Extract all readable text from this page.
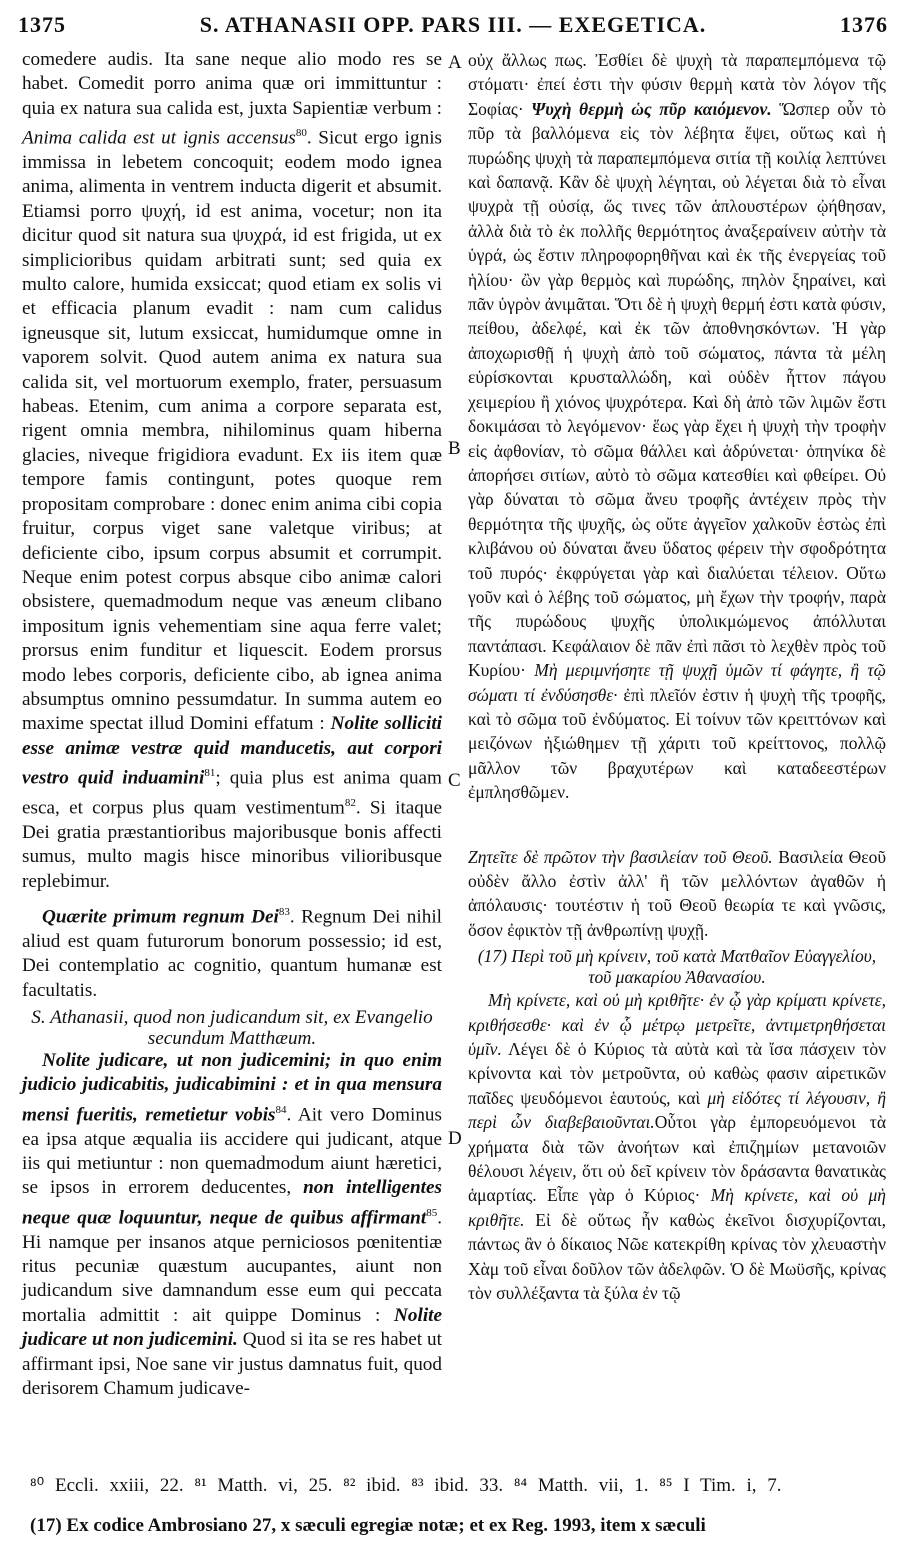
1375	S. ATHANASII OPP. PARS III. — EXEGETICA.	1376
A
B
C
D

comedere audis. Ita sane neque alio modo res se habet. Comedit porro anima quæ ori immittuntur : quia ex natura sua calida est, juxta Sapientiæ verbum : Anima calida est ut ignis accensus$^{80}$. Sicut ergo ignis immissa in lebetem concoquit; eodem modo ignea anima, alimenta in ventrem inducta digerit et absumit. Etiamsi porro ψυχή, id est anima, vocetur; non ita dicitur quod sit natura sua ψυχρά, id est frigida, ut ex simplicioribus quidam arbitrati sunt; sed quia ex multo calore, humida exsiccat; quod etiam ex solis vi et efficacia planum evadit : nam cum calidus igneusque sit, lutum exsiccat, humidumque omne in vaporem solvit. Quod autem anima ex natura sua calida sit, vel mortuorum exemplo, frater, persuasum habeas. Etenim, cum anima a corpore separata est, rigent omnia membra, nihilominus quam hiberna glacies, niveque frigidiora evadunt. Ex iis item quæ tempore famis contingunt, potes quoque rem propositam comprobare : donec enim anima cibi copia fruitur, corpus viget sane valetque viribus; at deficiente cibo, ipsum corpus absumit et corrumpit. Neque enim potest corpus absque cibo animæ calori obsistere, quemadmodum neque vas æneum clibano impositum ignis vehementiam sine aqua ferre valet; prorsus enim funditur et liquescit. Eodem prorsus modo lebes corporis, deficiente cibo, ab ignea anima absumptus omnino pessumdatur. In summa autem eo maxime spectat illud Domini effatum : Nolite solliciti esse animæ vestræ quid manducetis, aut corpori vestro quid induamini$^{81}$; quia plus est anima quam esca, et corpus plus quam vestimentum$^{82}$. Si itaque Dei gratia præstantioribus majoribusque bonis affecti sumus, multo magis hisce minoribus vilioribusque replebimur.

Quærite primum regnum Dei$^{83}$. Regnum Dei nihil aliud est quam futurorum bonorum possessio; id est, Dei contemplatio ac cognitio, quantum humanæ est facultatis.

S. Athanasii, quod non judicandum sit, ex Evangelio secundum Matthæum.

Nolite judicare, ut non judicemini; in quo enim judicio judicabitis, judicabimini : et in qua mensura mensi fueritis, remetietur vobis$^{84}$. Ait vero Dominus ea ipsa atque æqualia iis accidere qui judicant, atque iis qui metiuntur : non quemadmodum aiunt hæretici, se ipsos in errorem deducentes, non intelligentes neque quæ loquuntur, neque de quibus affirmant$^{85}$. Hi namque per insanos atque perniciosos pœnitentiæ ritus pecuniæ quæstum aucupantes, aiunt non judicandum sive damnandum esse eum qui peccata mortalia admittit : ait quippe Dominus : Nolite judicare ut non judicemini. Quod si ita se res habet ut affirmant ipsi, Noe sane vir justus damnatus fuit, quod derisorem Chamum judicave-

οὐχ ἄλλως πως. Ἐσθίει δὲ ψυχὴ τὰ παραπεμπόμενα τῷ στόματι· ἐπεί ἐστι τὴν φύσιν θερμὴ κατὰ τὸν λόγον τῆς Σοφίας· Ψυχὴ θερμὴ ὡς πῦρ καιόμενον. Ὥσπερ οὖν τὸ πῦρ τὰ βαλλόμενα εἰς τὸν λέβητα ἕψει, οὕτως καὶ ἡ πυρώδης ψυχὴ τὰ παραπεμπόμενα σιτία τῇ κοιλίᾳ λεπτύνει καὶ δαπανᾷ. Κἂν δὲ ψυχὴ λέγηται, οὐ λέγεται διὰ τὸ εἶναι ψυχρὰ τῇ οὐσίᾳ, ὥς τινες τῶν ἁπλουστέρων ᾠήθησαν, ἀλλὰ διὰ τὸ ἐκ πολλῆς θερμότητος ἀναξεραίνειν αὐτὴν τὰ ὑγρά, ὡς ἔστιν πληροφορηθῆναι καὶ ἐκ τῆς ἐνεργείας τοῦ ἡλίου· ὢν γὰρ θερμὸς καὶ πυρώδης, πηλὸν ξηραίνει, καὶ πᾶν ὑγρὸν ἀνιμᾶται. Ὅτι δὲ ἡ ψυχὴ θερμή ἐστι κατὰ φύσιν, πείθου, ἀδελφέ, καὶ ἐκ τῶν ἀποθνησκόντων. Ἡ γὰρ ἀποχωρισθῇ ἡ ψυχὴ ἀπὸ τοῦ σώματος, πάντα τὰ μέλη εὑρίσκονται κρυσταλλώδη, καὶ οὐδὲν ἧττον πάγου χειμερίου ἢ χιόνος ψυχρότερα. Καὶ δὴ ἀπὸ τῶν λιμῶν ἔστι δοκιμάσαι τὸ λεγόμενον· ἕως γὰρ ἔχει ἡ ψυχὴ τὴν τροφὴν εἰς ἀφθονίαν, τὸ σῶμα θάλλει καὶ ἁδρύνεται· ὁπηνίκα δὲ ἀπορήσει σιτίων, αὐτὸ τὸ σῶμα κατεσθίει καὶ φθείρει. Οὐ γὰρ δύναται τὸ σῶμα ἄνευ τροφῆς ἀντέχειν πρὸς τὴν θερμότητα τῆς ψυχῆς, ὡς οὔτε ἀγγεῖον χαλκοῦν ἑστὼς ἐπὶ κλιβάνου οὐ δύναται ἄνευ ὕδατος φέρειν τὴν σφοδρότητα τοῦ πυρός· ἐκφρύγεται γὰρ καὶ διαλύεται τέλειον. Οὕτω γοῦν καὶ ὁ λέβης τοῦ σώματος, μὴ ἔχων τὴν τροφήν, παρὰ τῆς πυρώδους ψυχῆς ὑπολικμώμενος ἀπόλλυται παντάπασι. Κεφάλαιον δὲ πᾶν ἐπὶ πᾶσι τὸ λεχθὲν πρὸς τοῦ Κυρίου· Μὴ μεριμνήσητε τῇ ψυχῇ ὑμῶν τί φάγητε, ἢ τῷ σώματι τί ἐνδύσησθε· ἐπὶ πλεῖόν ἐστιν ἡ ψυχὴ τῆς τροφῆς, καὶ τὸ σῶμα τοῦ ἐνδύματος. Εἰ τοίνυν τῶν κρειττόνων καὶ μειζόνων ἠξιώθημεν τῇ χάριτι τοῦ κρείττονος, πολλῷ μᾶλλον τῶν βραχυτέρων καὶ καταδεεστέρων ἐμπλησθῶμεν.

Ζητεῖτε δὲ πρῶτον τὴν βασιλείαν τοῦ Θεοῦ. Βασιλεία Θεοῦ οὐδὲν ἄλλο ἐστὶν ἀλλ' ἢ τῶν μελλόντων ἀγαθῶν ἡ ἀπόλαυσις· τουτέστιν ἡ τοῦ Θεοῦ θεωρία τε καὶ γνῶσις, ὅσον ἐφικτὸν τῇ ἀνθρωπίνῃ ψυχῇ.

(17) Περὶ τοῦ μὴ κρίνειν, τοῦ κατὰ Ματθαῖον Εὐαγγελίου, τοῦ μακαρίου Ἀθανασίου.

Μὴ κρίνετε, καὶ οὐ μὴ κριθῆτε· ἐν ᾧ γὰρ κρίματι κρίνετε, κριθήσεσθε· καὶ ἐν ᾧ μέτρῳ μετρεῖτε, ἀντιμετρηθήσεται ὑμῖν. Λέγει δὲ ὁ Κύριος τὰ αὐτὰ καὶ τὰ ἴσα πάσχειν τὸν κρίνοντα καὶ τὸν μετροῦντα, οὐ καθὼς φασιν αἱρετικῶν παῖδες ψευδόμενοι ἑαυτούς, καὶ μὴ εἰδότες τί λέγουσιν, ἢ περὶ ὧν διαβεβαιοῦνται.Οὗτοι γὰρ ἐμπορευόμενοι τὰ χρήματα διὰ τῶν ἀνοήτων καὶ ἐπιζημίων μετανοιῶν θέλουσι λέγειν, ὅτι οὐ δεῖ κρίνειν τὸν δράσαντα θανατικὰς ἁμαρτίας. Εἶπε γὰρ ὁ Κύριος· Μὴ κρίνετε, καὶ οὐ μὴ κριθῆτε. Εἰ δὲ οὕτως ἦν καθὼς ἐκεῖνοι δισχυρίζονται, πάντως ἂν ὁ δίκαιος Νῶε κατεκρίθη κρίνας τὸν χλευαστὴν Χὰμ τοῦ εἶναι δοῦλον τῶν ἀδελφῶν. Ὁ δὲ Μωϋσῆς, κρίνας τὸν συλλέξαντα τὰ ξύλα ἐν τῷ

⁸⁰ Eccli. xxiii, 22. ⁸¹ Matth. vi, 25. ⁸² ibid. ⁸³ ibid. 33. ⁸⁴ Matth. vii, 1. ⁸⁵ I Tim. i, 7.
(17) Ex codice Ambrosiano 27, x sæculi egregiæ notæ; et ex Reg. 1993, item x sæculi
